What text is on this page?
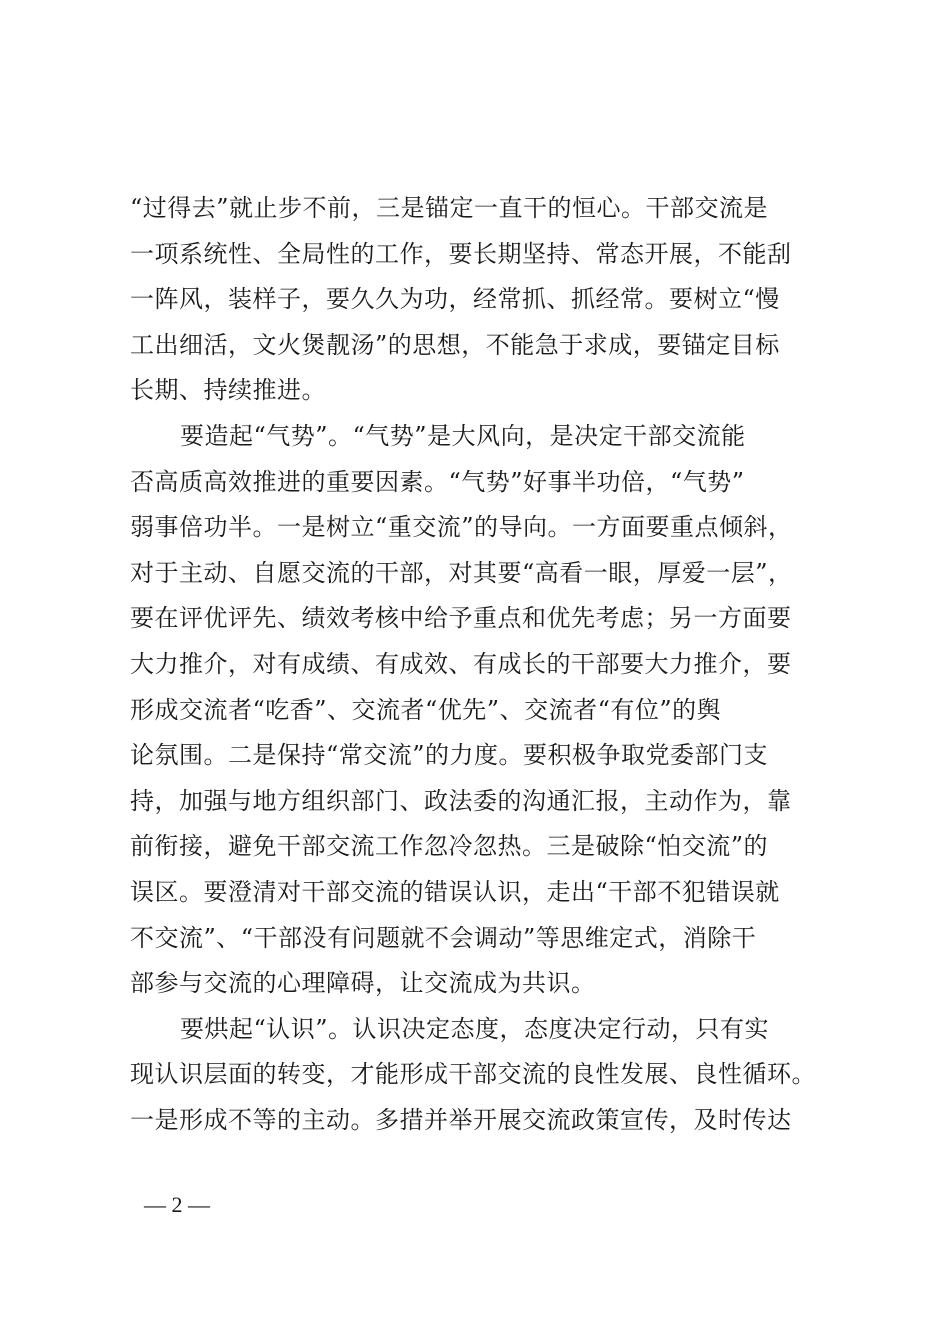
“过得去”就止步不前，三是锚定一直干的恒心。干部交流是
一项系统性、全局性的工作，要长期坚持、常态开展，不能刮
一阵风，装样子，要久久为功，经常抓、抓经常。要树立“慢
工出细活，文火煲靓汤”的思想，不能急于求成，要锚定目标
长期、持续推进。
要造起“气势”。“气势”是大风向，是决定干部交流能
否高质高效推进的重要因素。“气势”好事半功倍，“气势”
弱事倍功半。一是树立“重交流”的导向。一方面要重点倾斜，
对于主动、自愿交流的干部，对其要“高看一眼，厚爱一层”，
要在评优评先、绩效考核中给予重点和优先考虑；另一方面要
大力推介，对有成绩、有成效、有成长的干部要大力推介，要
形成交流者“吃香”、交流者“优先”、交流者“有位”的舆
论氛围。二是保持“常交流”的力度。要积极争取党委部门支
持，加强与地方组织部门、政法委的沟通汇报，主动作为，靠
前衔接，避免干部交流工作忽冷忽热。三是破除“怕交流”的
误区。要澄清对干部交流的错误认识，走出“干部不犯错误就
不交流”、“干部没有问题就不会调动”等思维定式，消除干
部参与交流的心理障碍，让交流成为共识。
要烘起“认识”。认识决定态度，态度决定行动，只有实
现认识层面的转变，才能形成干部交流的良性发展、良性循环。
一是形成不等的主动。多措并举开展交流政策宣传，及时传达
— 2 —
